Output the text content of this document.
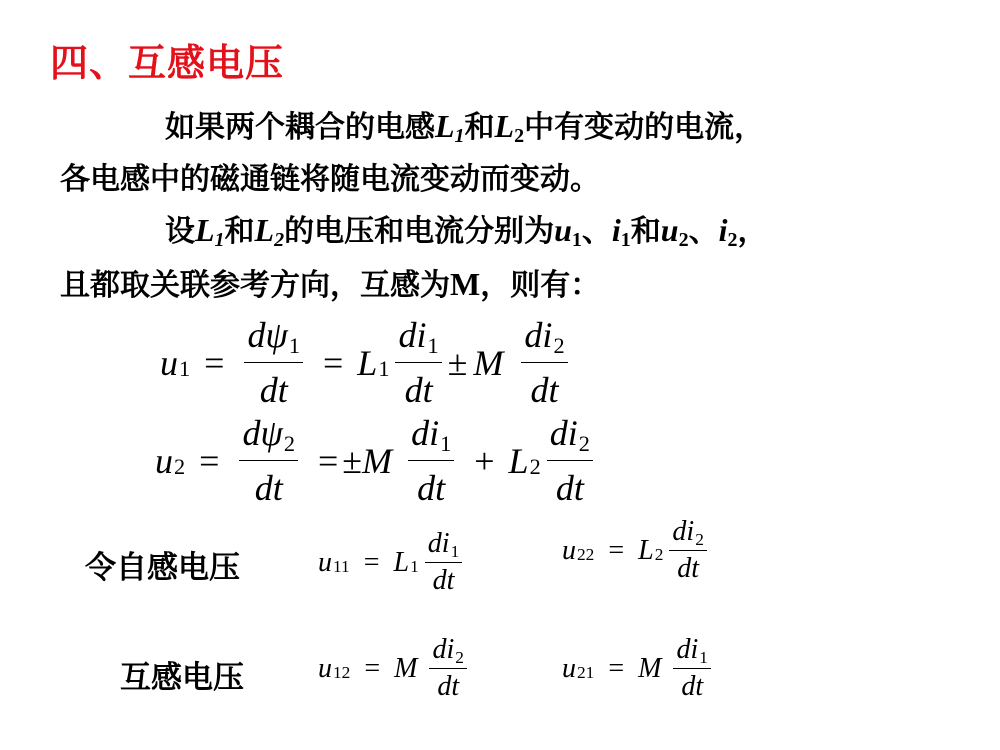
四、互感电压
如果两个耦合的电感$L_1$和$L_2$中有变动的电流，
各电感中的磁通链将随电流变动而变动。
设$L_1$和$L_2$的电压和电流分别为$u_1$、$i_1$和$u_2$、$i_2$，
且都取关联参考方向，互感为M，则有：
u $1 = \frac{d\psi 1}{dt} = L$ $1 \frac{di1}{dt} \pm M \frac{di2}{dt}$
u $2 = \frac{d\psi 2}{dt}$ = ± M $\frac{di1}{dt} + L$ $2 \frac{di2}{dt}$
令自感电压	u 11 = L $1 \frac{di1}{dt}$	u 22 = L $2 \frac{di2}{dt}$
互感电压	u 12 = M $\frac{di2}{dt}$	u 21 = M $\frac{di1}{dt}$
